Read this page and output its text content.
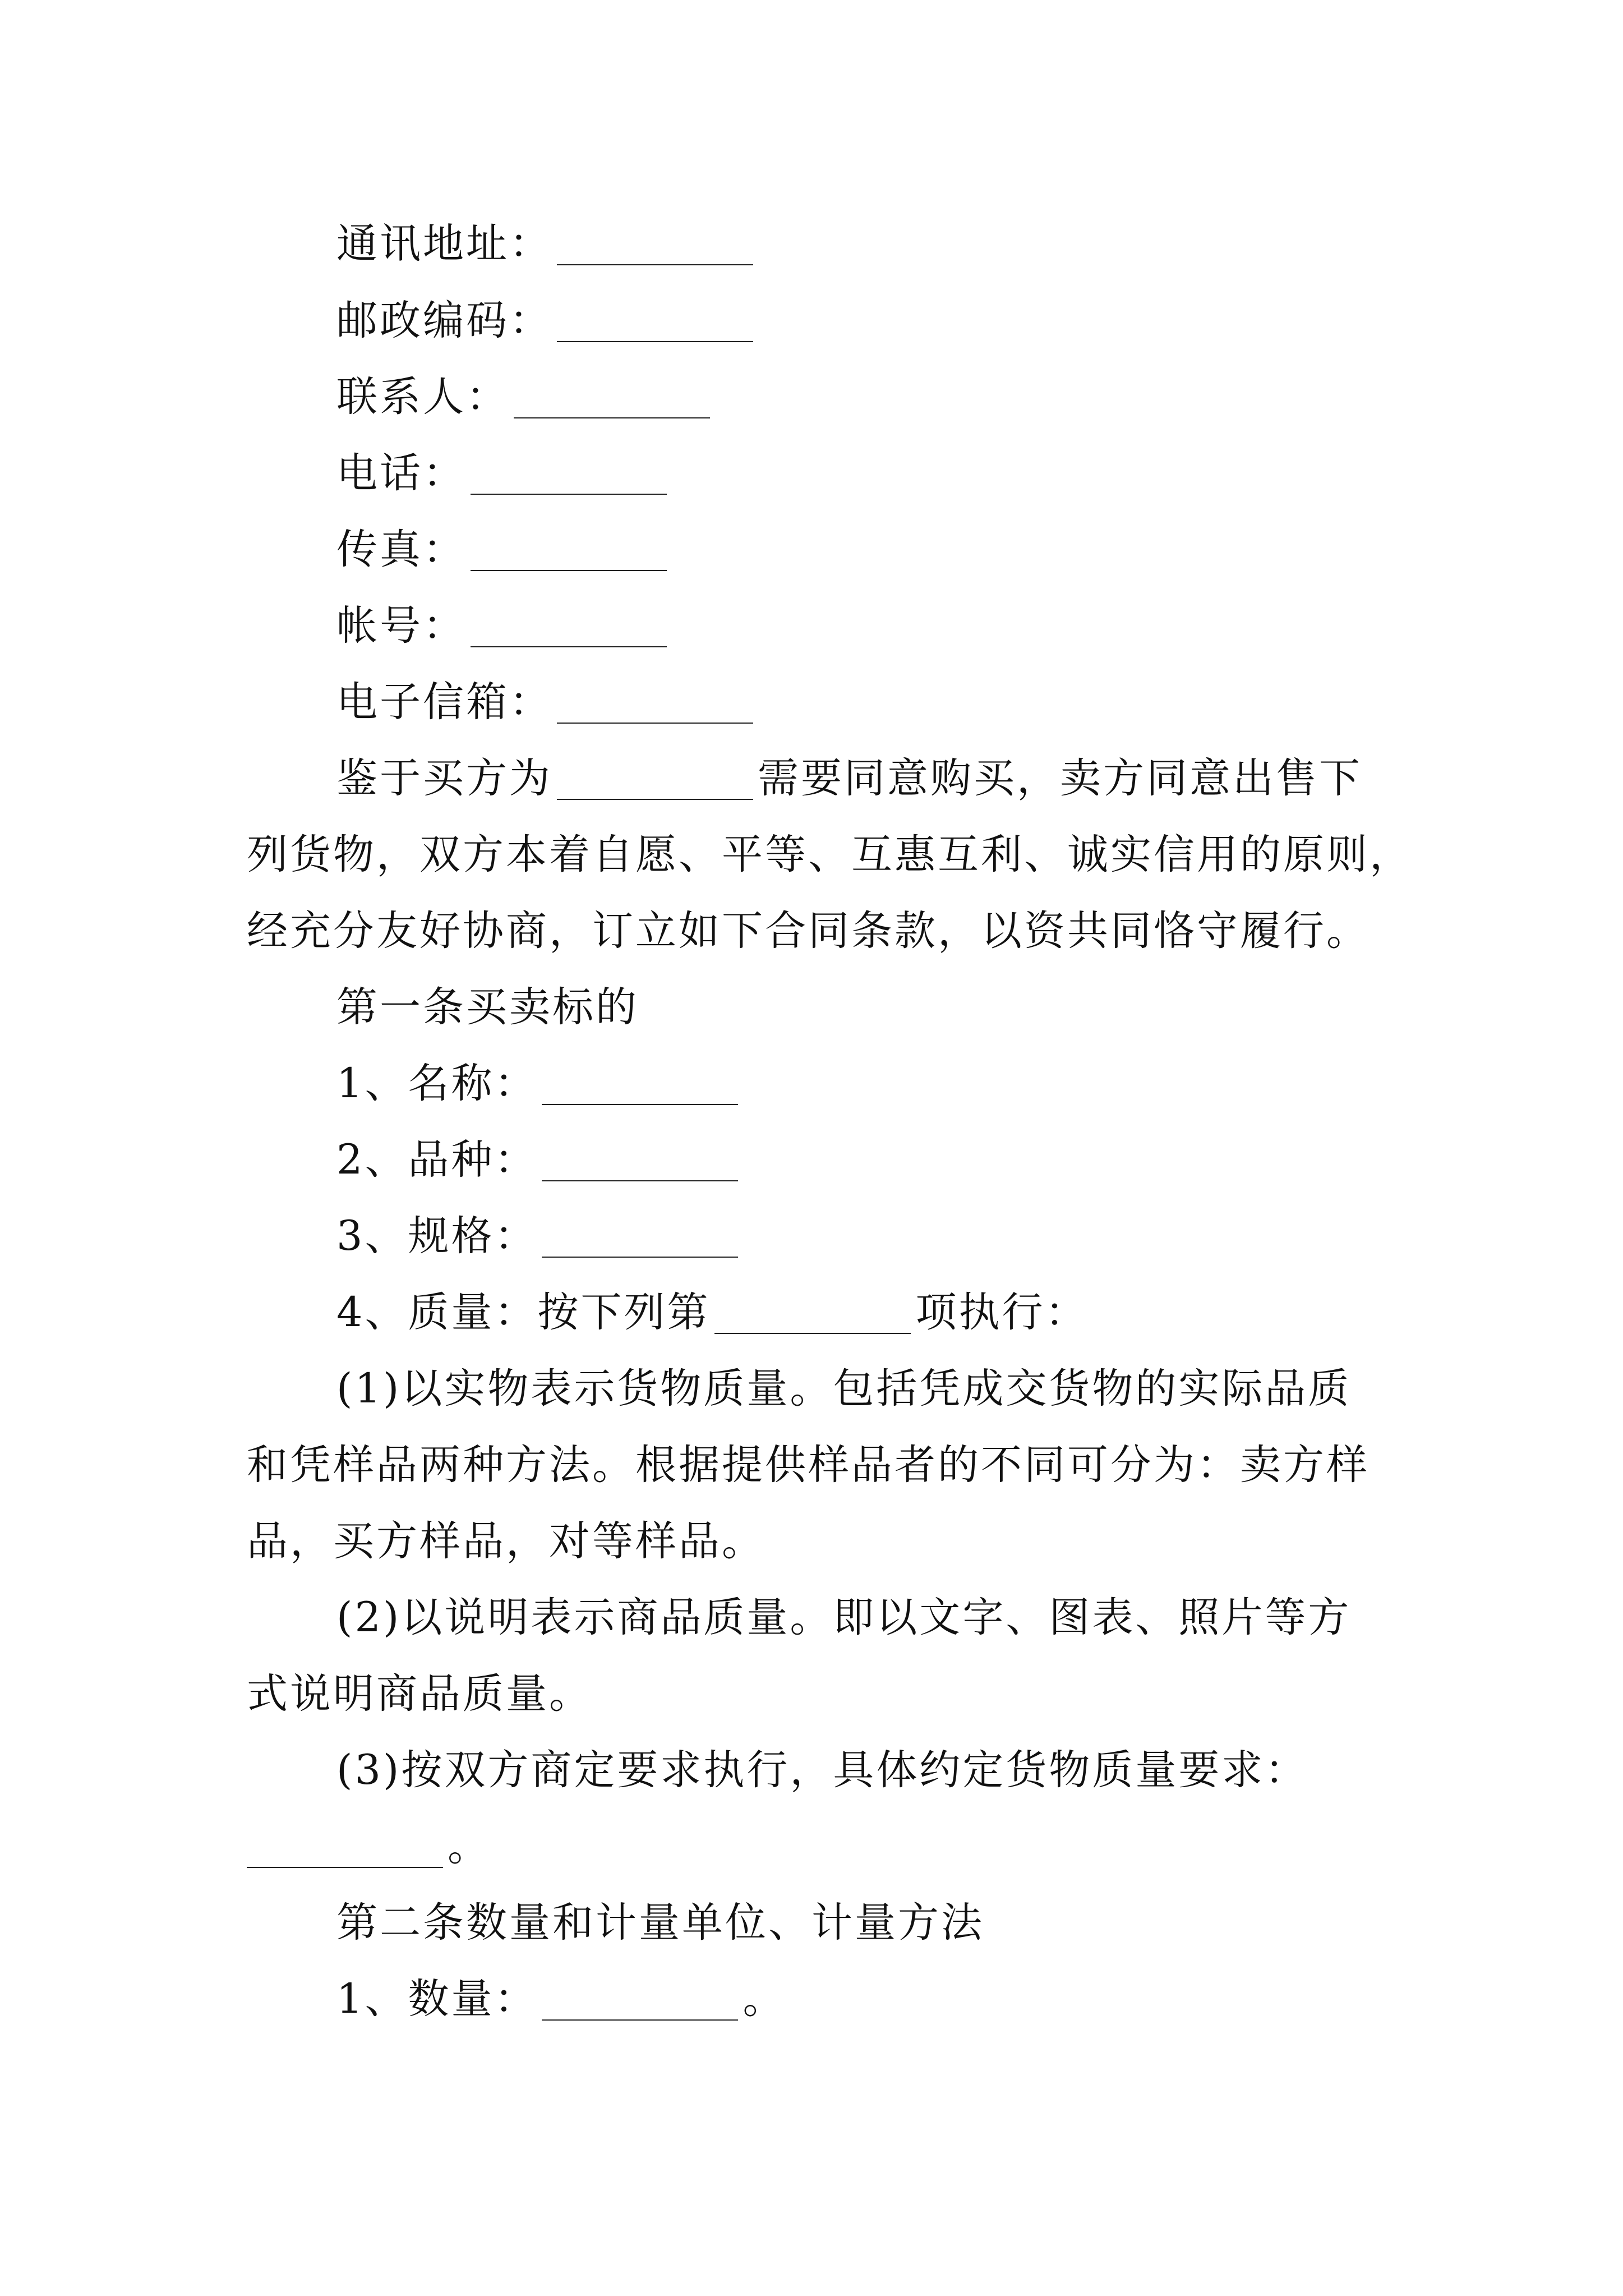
通讯地址：
邮政编码：
联系人：
电话：
传真：
帐号：
电子信箱：
鉴于买方为	需要同意购买，卖方同意出售下
列货物，双方本着自愿、平等、互惠互利、诚实信用的原则，
经充分友好协商，订立如下合同条款，以资共同恪守履行。
第一条买卖标的
1、名称：
2、品种：
3、规格：
4、质量：按下列第	项执行：
(1)以实物表示货物质量。包括凭成交货物的实际品质
和凭样品两种方法。根据提供样品者的不同可分为：卖方样
品，买方样品，对等样品。
(2)以说明表示商品质量。即以文字、图表、照片等方
式说明商品质量。
(3)按双方商定要求执行，具体约定货物质量要求：
。
第二条数量和计量单位、计量方法
1、数量：	。
